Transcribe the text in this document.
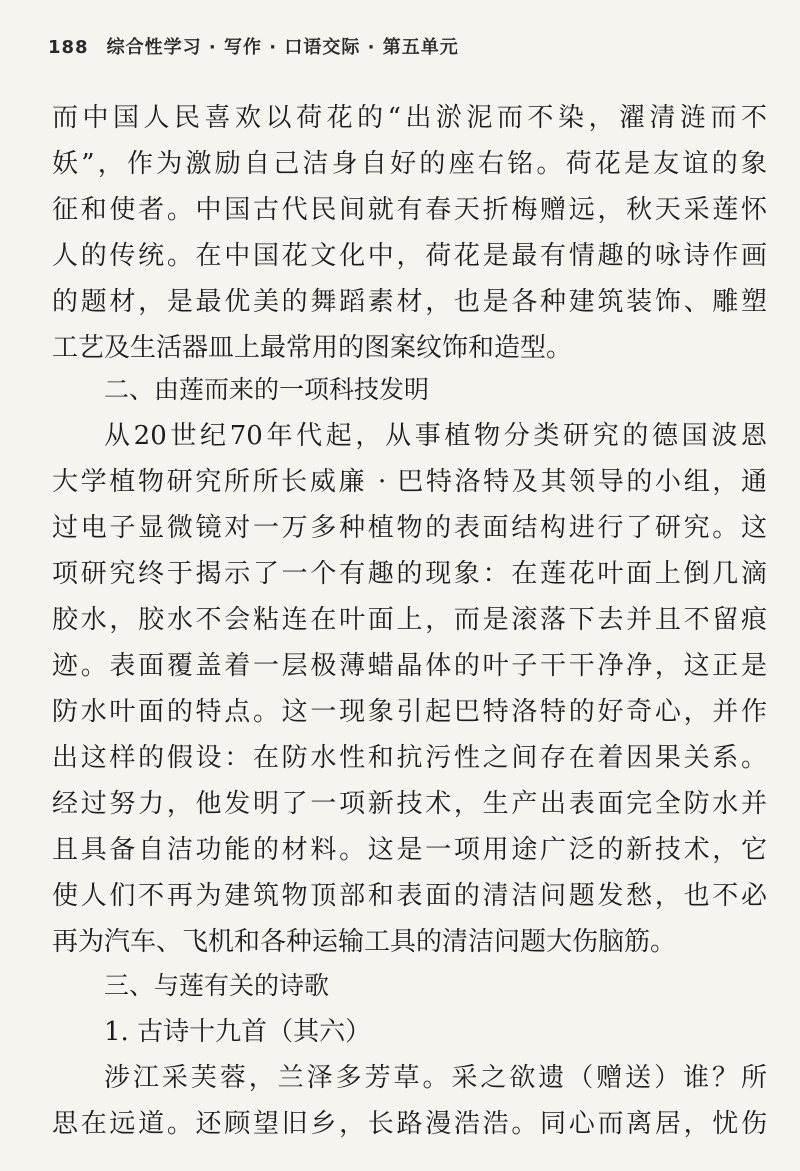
188 综合性学习 · 写作 · 口语交际 · 第五单元
而中国人民喜欢以荷花的“出淤泥而不染，濯清涟而不
妖”，作为激励自己洁身自好的座右铭。荷花是友谊的象
征和使者。中国古代民间就有春天折梅赠远，秋天采莲怀
人的传统。在中国花文化中，荷花是最有情趣的咏诗作画
的题材，是最优美的舞蹈素材，也是各种建筑装饰、雕塑
工艺及生活器皿上最常用的图案纹饰和造型。
二、由莲而来的一项科技发明
从20世纪70年代起，从事植物分类研究的德国波恩
大学植物研究所所长威廉 · 巴特洛特及其领导的小组，通
过电子显微镜对一万多种植物的表面结构进行了研究。这
项研究终于揭示了一个有趣的现象：在莲花叶面上倒几滴
胶水，胶水不会粘连在叶面上，而是滚落下去并且不留痕
迹。表面覆盖着一层极薄蜡晶体的叶子干干净净，这正是
防水叶面的特点。这一现象引起巴特洛特的好奇心，并作
出这样的假设：在防水性和抗污性之间存在着因果关系。
经过努力，他发明了一项新技术，生产出表面完全防水并
且具备自洁功能的材料。这是一项用途广泛的新技术，它
使人们不再为建筑物顶部和表面的清洁问题发愁，也不必
再为汽车、飞机和各种运输工具的清洁问题大伤脑筋。
三、与莲有关的诗歌
1. 古诗十九首（其六）
涉江采芙蓉，兰泽多芳草。采之欲遗（赠送）谁？所
思在远道。还顾望旧乡，长路漫浩浩。同心而离居，忧伤
